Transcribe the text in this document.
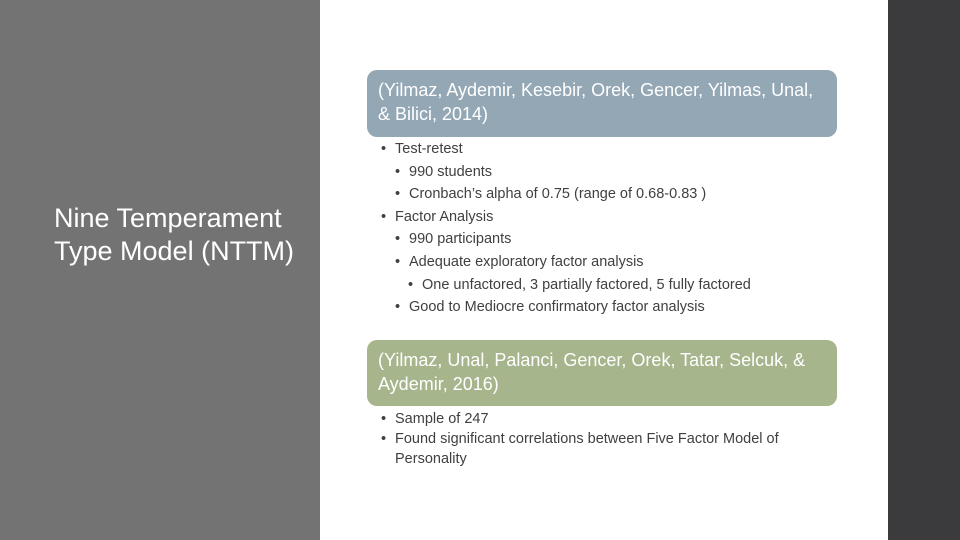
Nine Temperament Type Model (NTTM)
(Yilmaz, Aydemir, Kesebir, Orek, Gencer, Yilmas, Unal, & Bilici, 2014)
• Test-retest
• 990 students
• Cronbach’s alpha of 0.75 (range of 0.68-0.83 )
• Factor Analysis
• 990 participants
• Adequate exploratory factor analysis
• One unfactored, 3 partially factored, 5 fully factored
• Good to Mediocre confirmatory factor analysis
(Yilmaz, Unal, Palanci, Gencer, Orek, Tatar, Selcuk, & Aydemir, 2016)
• Sample of 247
• Found significant correlations between Five Factor Model of Personality
